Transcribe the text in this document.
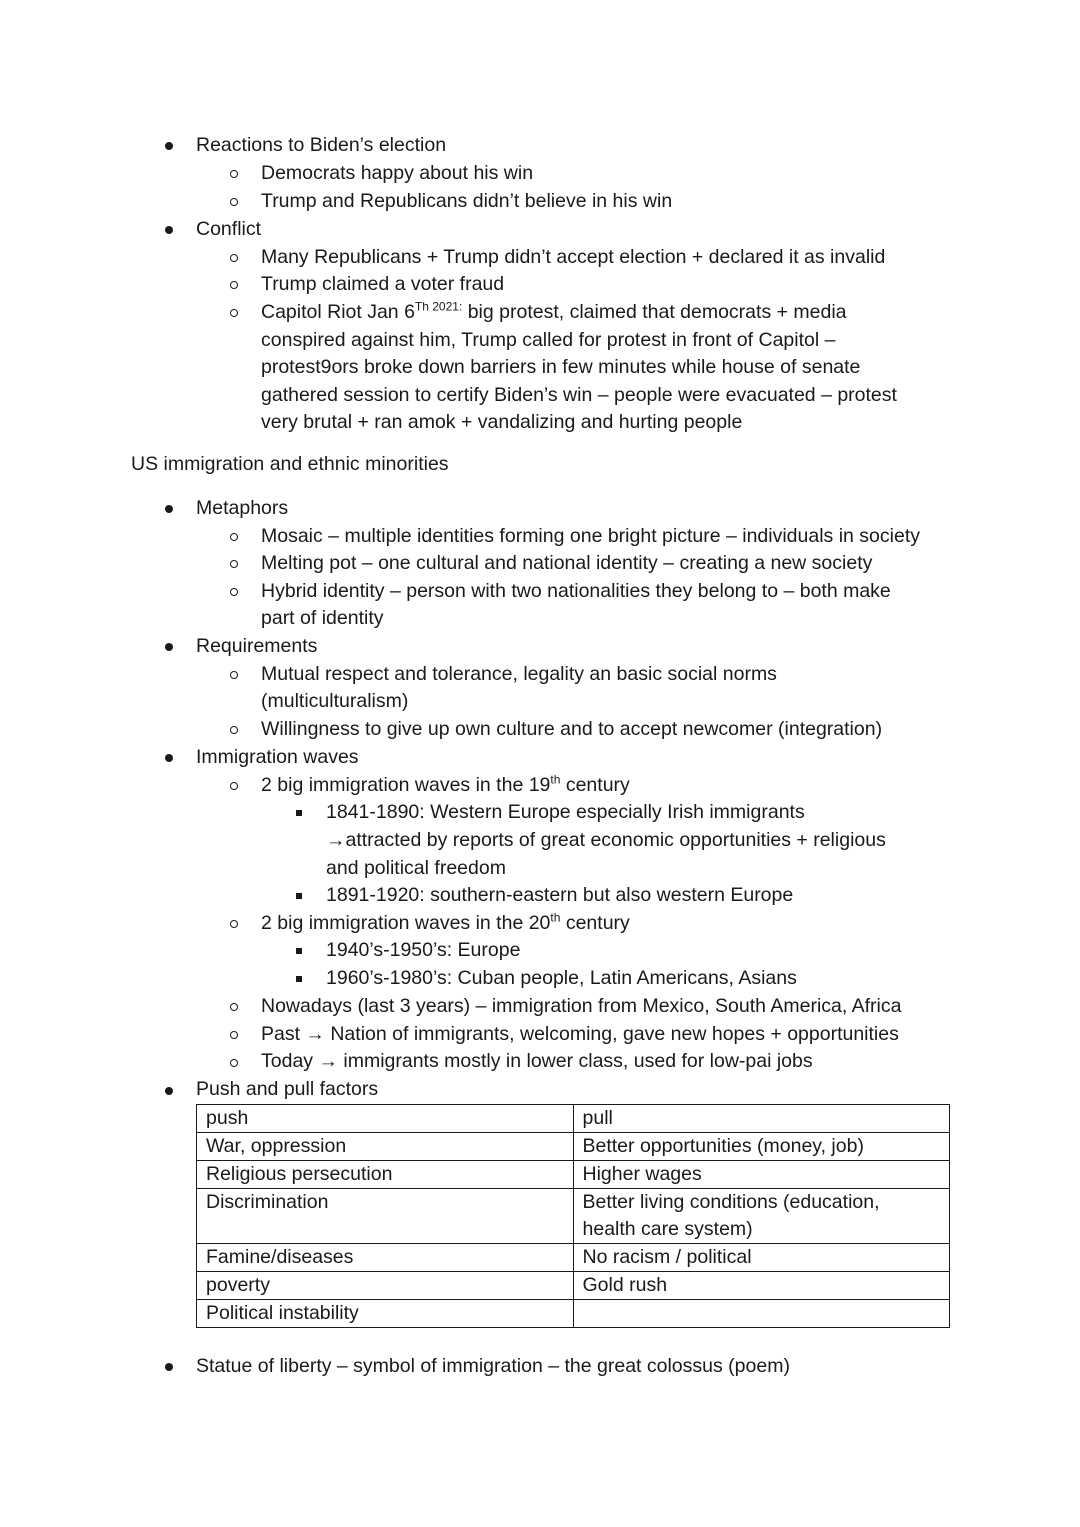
Reactions to Biden’s election
Democrats happy about his win
Trump and Republicans didn’t believe in his win
Conflict
Many Republicans + Trump didn’t accept election + declared it as invalid
Trump claimed a voter fraud
Capitol Riot Jan $6^{Th 2021:}$ big protest, claimed that democrats + media
conspired against him, Trump called for protest in front of Capitol –
protest9ors broke down barriers in few minutes while house of senate
gathered session to certify Biden’s win – people were evacuated – protest
very brutal + ran amok + vandalizing and hurting people
US immigration and ethnic minorities
Metaphors
Mosaic – multiple identities forming one bright picture – individuals in society
Melting pot – one cultural and national identity – creating a new society
Hybrid identity – person with two nationalities they belong to – both make
part of identity
Requirements
Mutual respect and tolerance, legality an basic social norms
(multiculturalism)
Willingness to give up own culture and to accept newcomer (integration)
Immigration waves
2 big immigration waves in the 19th century
1841-1890: Western Europe especially Irish immigrants
→attracted by reports of great economic opportunities + religious
and political freedom
1891-1920: southern-eastern but also western Europe
2 big immigration waves in the 20th century
1940’s-1950’s: Europe
1960’s-1980’s: Cuban people, Latin Americans, Asians
Nowadays (last 3 years) – immigration from Mexico, South America, Africa
Past → Nation of immigrants, welcoming, gave new hopes + opportunities
Today → immigrants mostly in lower class, used for low-pai jobs
Push and pull factors
push	pull
War, oppression	Better opportunities (money, job)
Religious persecution	Higher wages
Discrimination	Better living conditions (education,
health care system)
Famine/diseases	No racism / political
poverty	Gold rush
Political instability	
Statue of liberty – symbol of immigration – the great colossus (poem)
